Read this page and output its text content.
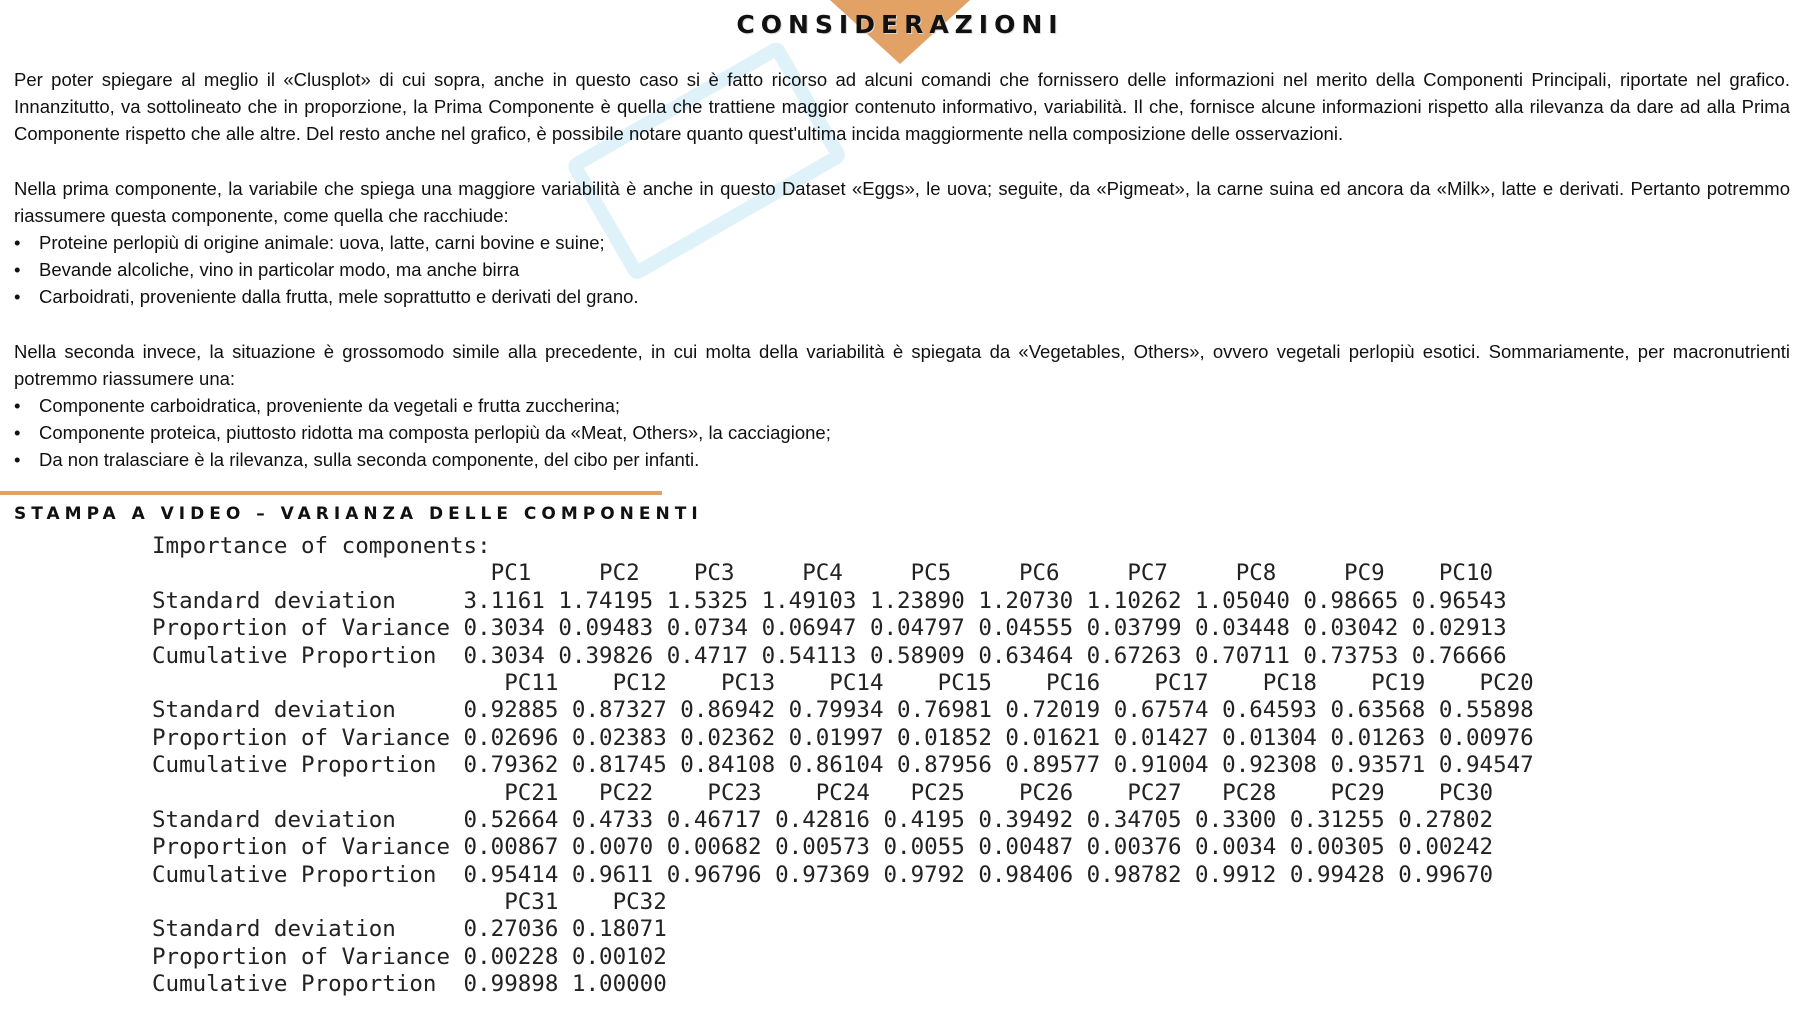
CONSIDERAZIONI

Per poter spiegare al meglio il «Clusplot» di cui sopra, anche in questo caso si è fatto ricorso ad alcuni comandi che fornissero delle informazioni nel merito della Componenti Principali, riportate nel grafico. Innanzitutto, va sottolineato che in proporzione, la Prima Componente è quella che trattiene maggior contenuto informativo, variabilità. Il che, fornisce alcune informazioni rispetto alla rilevanza da dare ad alla Prima Componente rispetto che alle altre. Del resto anche nel grafico, è possibile notare quanto quest'ultima incida maggiormente nella composizione delle osservazioni.

Nella prima componente, la variabile che spiega una maggiore variabilità è anche in questo Dataset «Eggs», le uova; seguite, da «Pigmeat», la carne suina ed ancora da «Milk», latte e derivati. Pertanto potremmo riassumere questa componente, come quella che racchiude:

• Proteine perlopiù di origine animale: uova, latte, carni bovine e suine;
• Bevande alcoliche, vino in particolar modo, ma anche birra
• Carboidrati, proveniente dalla frutta, mele soprattutto e derivati del grano.

Nella seconda invece, la situazione è grossomodo simile alla precedente, in cui molta della variabilità è spiegata da «Vegetables, Others», ovvero vegetali perlopiù esotici. Sommariamente, per macronutrienti potremmo riassumere una:

• Componente carboidratica, proveniente da vegetali e frutta zuccherina;
• Componente proteica, piuttosto ridotta ma composta perlopiù da «Meat, Others», la cacciagione;
• Da non tralasciare è la rilevanza, sulla seconda componente, del cibo per infanti.
STAMPA A VIDEO – VARIANZA DELLE COMPONENTI
Importance of components:
PC1     PC2    PC3     PC4     PC5     PC6     PC7     PC8     PC9    PC10
Standard deviation     3.1161 1.74195 1.5325 1.49103 1.23890 1.20730 1.10262 1.05040 0.98665 0.96543
Proportion of Variance 0.3034 0.09483 0.0734 0.06947 0.04797 0.04555 0.03799 0.03448 0.03042 0.02913
Cumulative Proportion  0.3034 0.39826 0.4717 0.54113 0.58909 0.63464 0.67263 0.70711 0.73753 0.76666
PC11    PC12    PC13    PC14    PC15    PC16    PC17    PC18    PC19    PC20
Standard deviation     0.92885 0.87327 0.86942 0.79934 0.76981 0.72019 0.67574 0.64593 0.63568 0.55898
Proportion of Variance 0.02696 0.02383 0.02362 0.01997 0.01852 0.01621 0.01427 0.01304 0.01263 0.00976
Cumulative Proportion  0.79362 0.81745 0.84108 0.86104 0.87956 0.89577 0.91004 0.92308 0.93571 0.94547
PC21   PC22    PC23    PC24   PC25    PC26    PC27   PC28    PC29    PC30
Standard deviation     0.52664 0.4733 0.46717 0.42816 0.4195 0.39492 0.34705 0.3300 0.31255 0.27802
Proportion of Variance 0.00867 0.0070 0.00682 0.00573 0.0055 0.00487 0.00376 0.0034 0.00305 0.00242
Cumulative Proportion  0.95414 0.9611 0.96796 0.97369 0.9792 0.98406 0.98782 0.9912 0.99428 0.99670
PC31    PC32
Standard deviation     0.27036 0.18071
Proportion of Variance 0.00228 0.00102
Cumulative Proportion  0.99898 1.00000
